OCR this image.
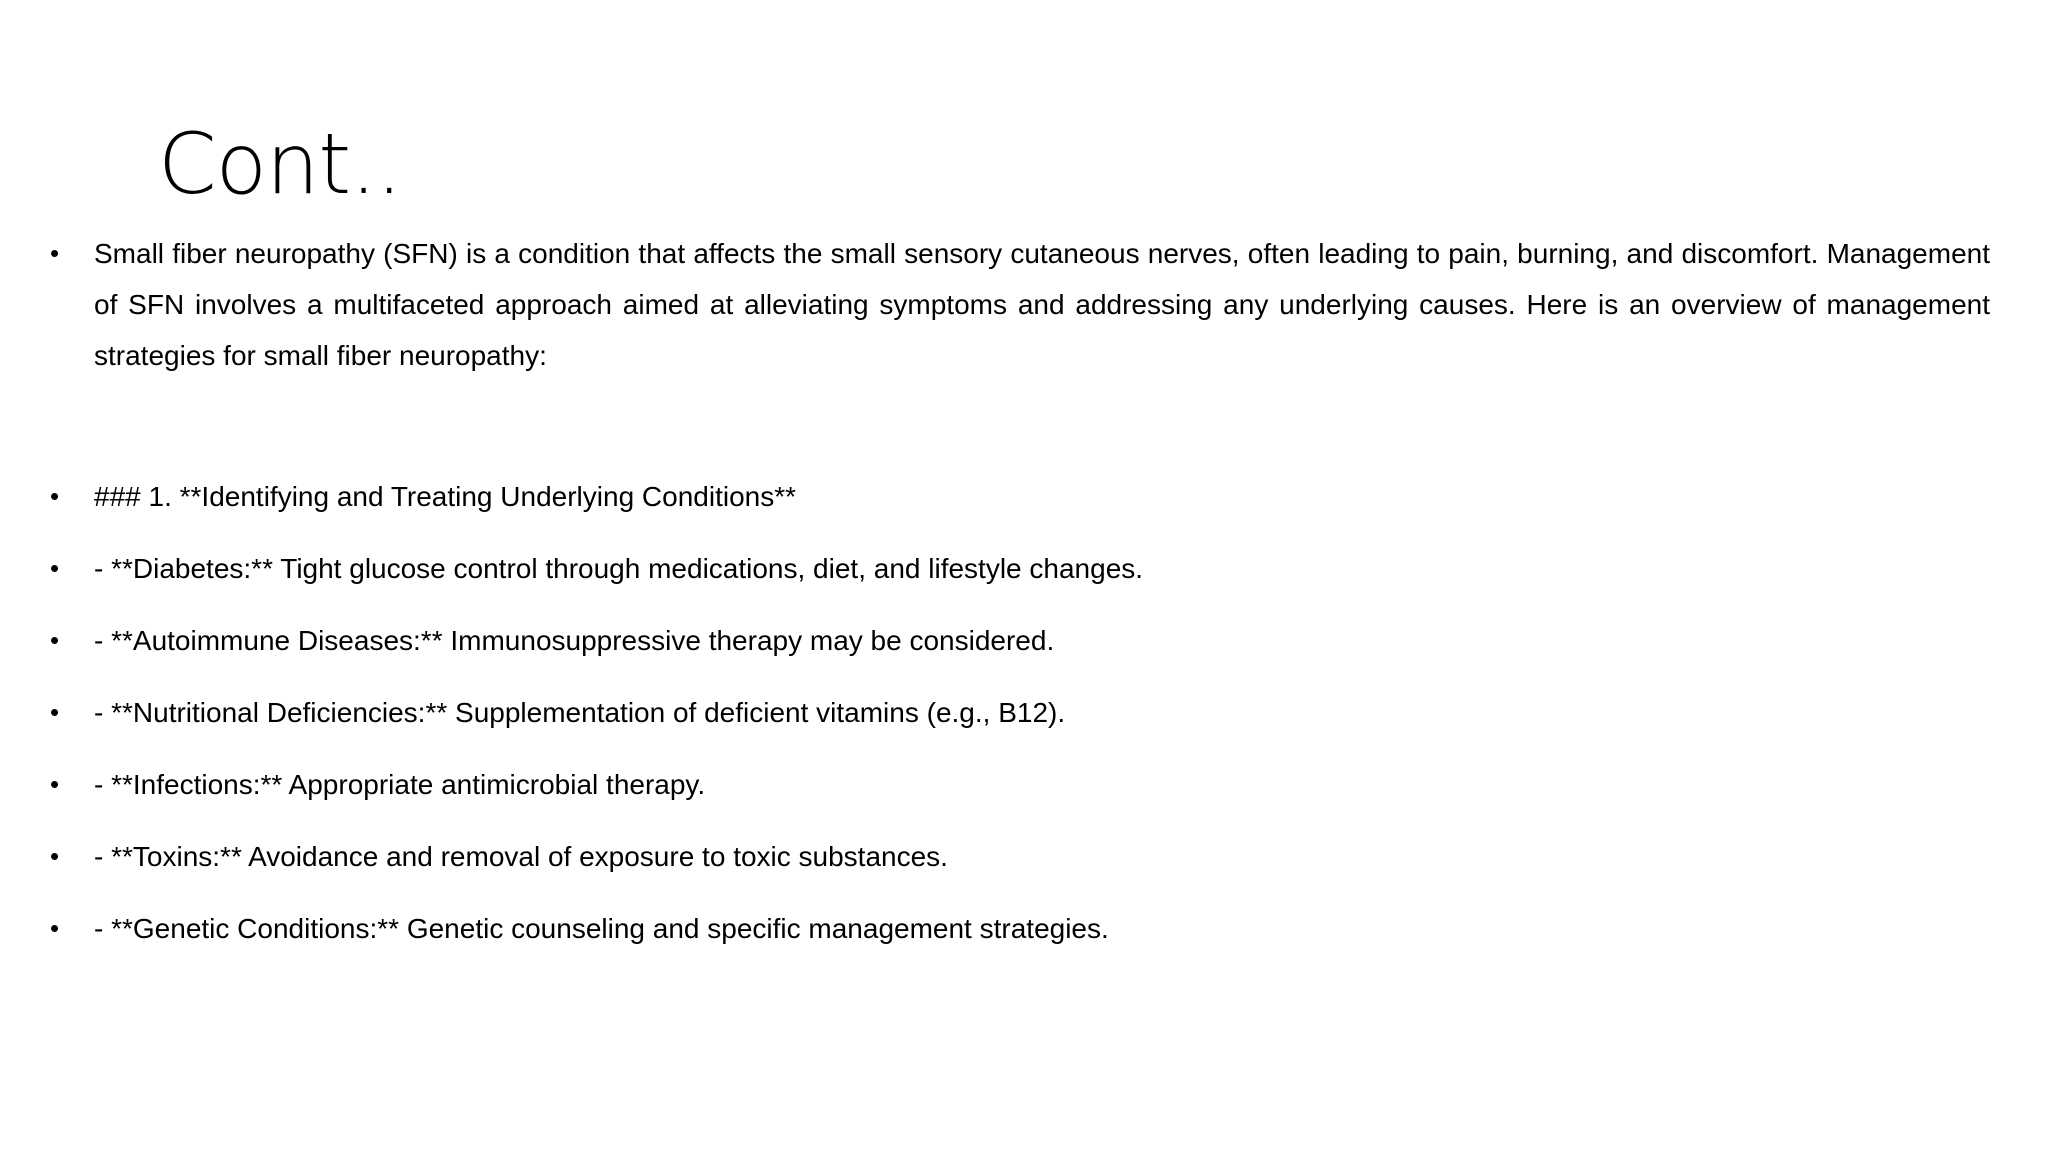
Cont..
•	Small fiber neuropathy (SFN) is a condition that affects the small sensory cutaneous nerves, often leading to pain, burning, and discomfort. Management of SFN involves a multifaceted approach aimed at alleviating symptoms and addressing any underlying causes. Here is an overview of management strategies for small fiber neuropathy:
•	### 1. **Identifying and Treating Underlying Conditions**
•	- **Diabetes:** Tight glucose control through medications, diet, and lifestyle changes.
•	- **Autoimmune Diseases:** Immunosuppressive therapy may be considered.
•	- **Nutritional Deficiencies:** Supplementation of deficient vitamins (e.g., B12).
•	- **Infections:** Appropriate antimicrobial therapy.
•	- **Toxins:** Avoidance and removal of exposure to toxic substances.
•	- **Genetic Conditions:** Genetic counseling and specific management strategies.
